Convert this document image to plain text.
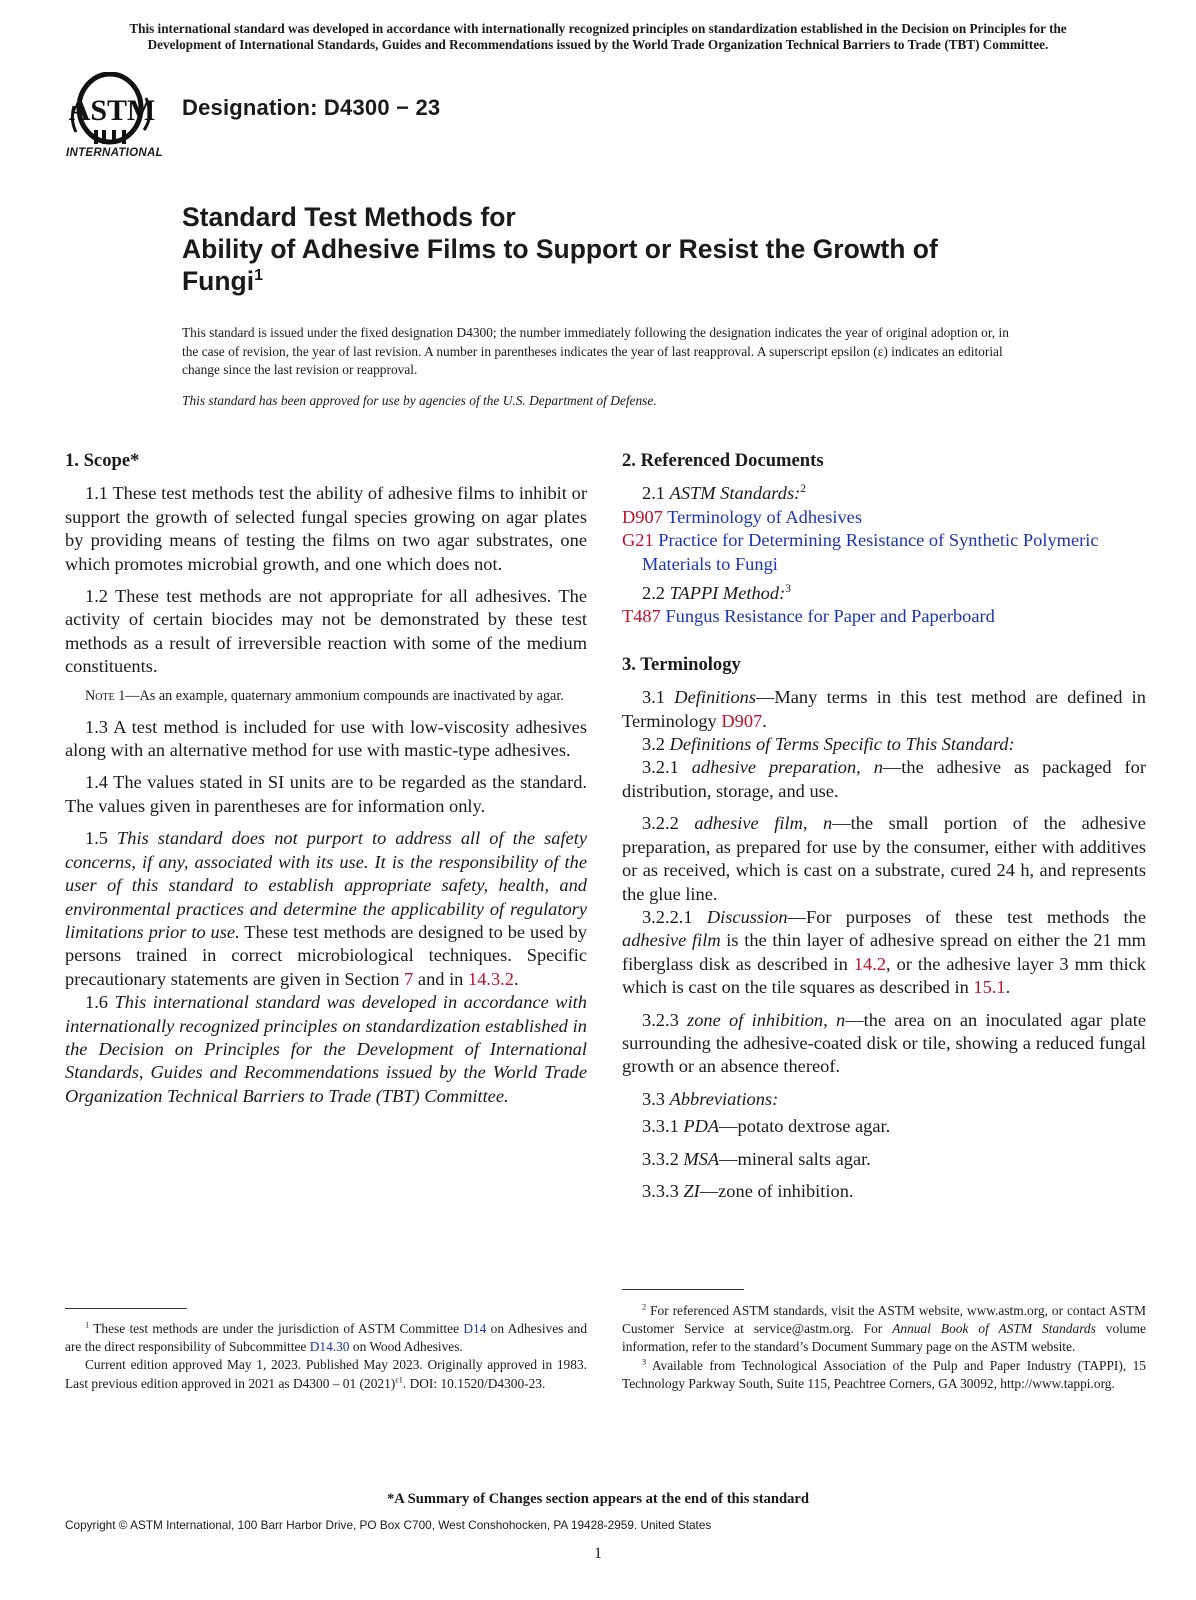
This international standard was developed in accordance with internationally recognized principles on standardization established in the Decision on Principles for the
Development of International Standards, Guides and Recommendations issued by the World Trade Organization Technical Barriers to Trade (TBT) Committee.
ASTM
INTERNATIONAL
Designation: D4300 − 23
Standard Test Methods for
Ability of Adhesive Films to Support or Resist the Growth of
Fungi$^1$
This standard is issued under the fixed designation D4300; the number immediately following the designation indicates the year of original adoption or, in the case of revision, the year of last revision. A number in parentheses indicates the year of last reapproval. A superscript epsilon (ε) indicates an editorial change since the last revision or reapproval.
This standard has been approved for use by agencies of the U.S. Department of Defense.
1. Scope*

1.1 These test methods test the ability of adhesive films to inhibit or support the growth of selected fungal species growing on agar plates by providing means of testing the films on two agar substrates, one which promotes microbial growth, and one which does not.

1.2 These test methods are not appropriate for all adhesives. The activity of certain biocides may not be demonstrated by these test methods as a result of irreversible reaction with some of the medium constituents.

Note 1—As an example, quaternary ammonium compounds are inactivated by agar.

1.3 A test method is included for use with low-viscosity adhesives along with an alternative method for use with mastic-type adhesives.

1.4 The values stated in SI units are to be regarded as the standard. The values given in parentheses are for information only.

1.5 This standard does not purport to address all of the safety concerns, if any, associated with its use. It is the responsibility of the user of this standard to establish appropriate safety, health, and environmental practices and determine the applicability of regulatory limitations prior to use. These test methods are designed to be used by persons trained in correct microbiological techniques. Specific precautionary statements are given in Section 7 and in 14.3.2.

1.6 This international standard was developed in accordance with internationally recognized principles on standardization established in the Decision on Principles for the Development of International Standards, Guides and Recommendations issued by the World Trade Organization Technical Barriers to Trade (TBT) Committee.

2. Referenced Documents

2.1 ASTM Standards:$^2$

D907 Terminology of Adhesives

G21 Practice for Determining Resistance of Synthetic Polymeric Materials to Fungi

2.2 TAPPI Method:$^3$

T487 Fungus Resistance for Paper and Paperboard

3. Terminology

3.1 Definitions—Many terms in this test method are defined in Terminology D907.

3.2 Definitions of Terms Specific to This Standard:

3.2.1 adhesive preparation, n—the adhesive as packaged for distribution, storage, and use.

3.2.2 adhesive film, n—the small portion of the adhesive preparation, as prepared for use by the consumer, either with additives or as received, which is cast on a substrate, cured 24 h, and represents the glue line.

3.2.2.1 Discussion—For purposes of these test methods the adhesive film is the thin layer of adhesive spread on either the 21 mm fiberglass disk as described in 14.2, or the adhesive layer 3 mm thick which is cast on the tile squares as described in 15.1.

3.2.3 zone of inhibition, n—the area on an inoculated agar plate surrounding the adhesive-coated disk or tile, showing a reduced fungal growth or an absence thereof.

3.3 Abbreviations:

3.3.1 PDA—potato dextrose agar.

3.3.2 MSA—mineral salts agar.

3.3.3 ZI—zone of inhibition.

$^1$ These test methods are under the jurisdiction of ASTM Committee D14 on Adhesives and are the direct responsibility of Subcommittee D14.30 on Wood Adhesives.

Current edition approved May 1, 2023. Published May 2023. Originally approved in 1983. Last previous edition approved in 2021 as D4300 – 01 $(2021)^{\varepsilon 1}$. DOI: 10.1520/D4300-23.

$^2$ For referenced ASTM standards, visit the ASTM website, www.astm.org, or contact ASTM Customer Service at service@astm.org. For Annual Book of ASTM Standards volume information, refer to the standard’s Document Summary page on the ASTM website.

$^3$ Available from Technological Association of the Pulp and Paper Industry (TAPPI), 15 Technology Parkway South, Suite 115, Peachtree Corners, GA 30092, http://www.tappi.org.

*A Summary of Changes section appears at the end of this standard
Copyright © ASTM International, 100 Barr Harbor Drive, PO Box C700, West Conshohocken, PA 19428-2959. United States
1
